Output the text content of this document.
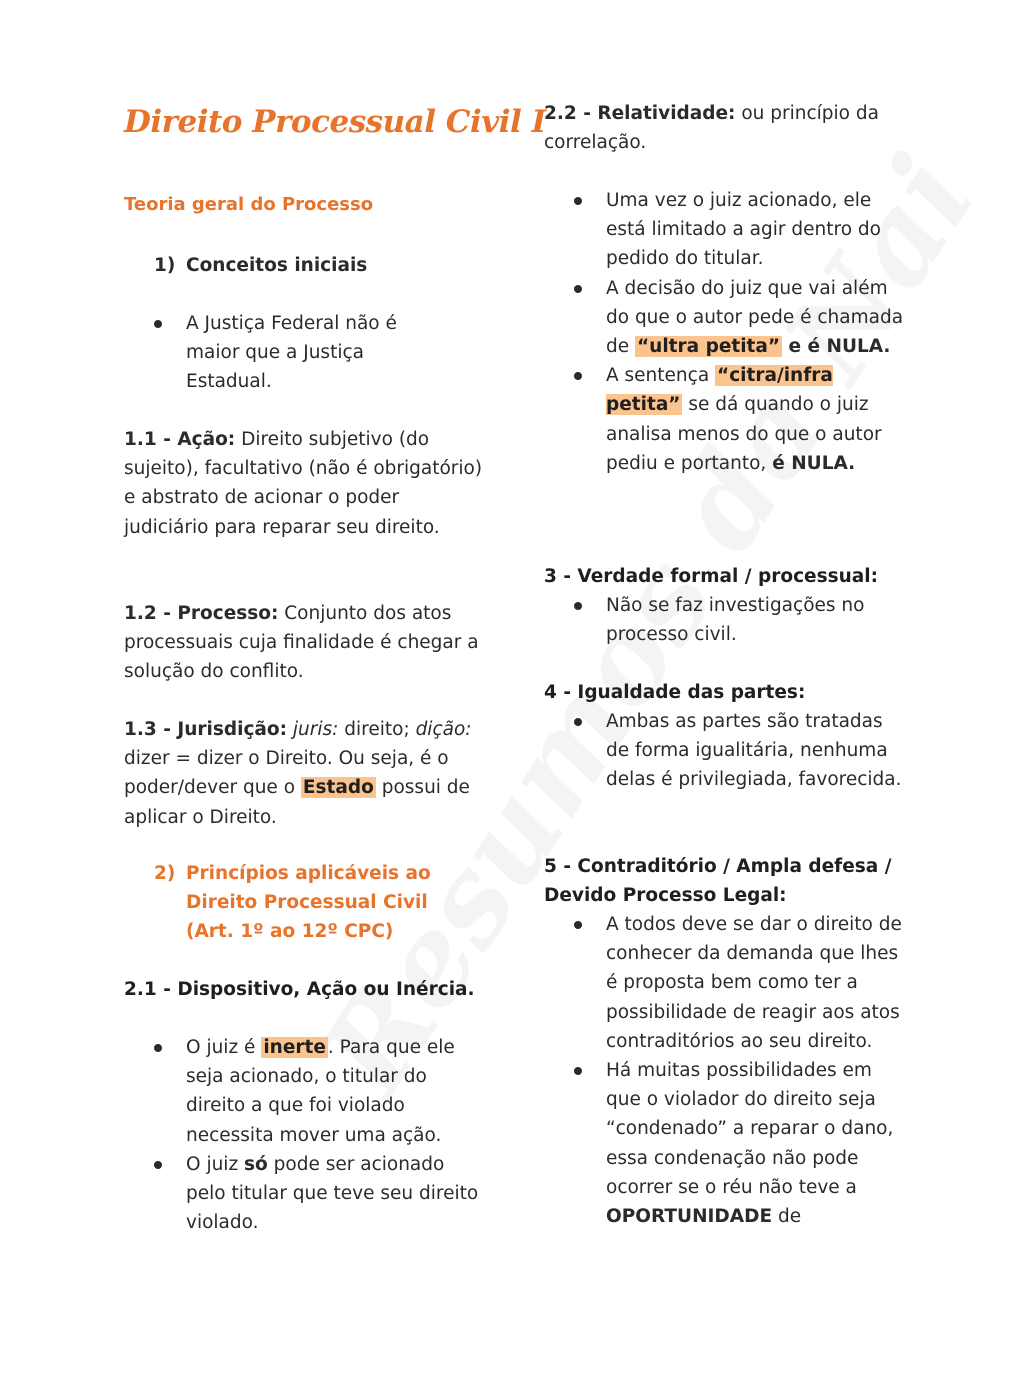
Direito Processual Civil I
Teoria geral do Processo
1) Conceitos iniciais
A Justiça Federal não é maior que a Justiça Estadual.

1.1 - Ação: Direito subjetivo (do sujeito), facultativo (não é obrigatório) e abstrato de acionar o poder judiciário para reparar seu direito.

1.2 - Processo: Conjunto dos atos processuais cuja finalidade é chegar a solução do conflito.

1.3 - Jurisdição: juris: direito; dição: dizer = dizer o Direito. Ou seja, é o poder/dever que o Estado possui de aplicar o Direito.

2) Princípios aplicáveis ao Direito Processual Civil (Art. 1º ao 12º CPC)
2.1 - Dispositivo, Ação ou Inércia.
O juiz é inerte . Para que ele seja acionado, o titular do direito a que foi violado necessita mover uma ação.
O juiz só pode ser acionado pelo titular que teve seu direito violado.

2.2 - Relatividade: ou princípio da correlação.

Uma vez o juiz acionado, ele está limitado a agir dentro do pedido do titular.
A decisão do juiz que vai além do que o autor pede é chamada de “ultra petita” e é NULA.
A sentença “citra/infra petita” se dá quando o juiz analisa menos do que o autor pediu e portanto, é NULA.
3 - Verdade formal / processual:
Não se faz investigações no processo civil.
4 - Igualdade das partes:
Ambas as partes são tratadas de forma igualitária, nenhuma delas é privilegiada, favorecida.
5 - Contraditório / Ampla defesa / Devido Processo Legal:
A todos deve se dar o direito de conhecer da demanda que lhes é proposta bem como ter a possibilidade de reagir aos atos contraditórios ao seu direito.
Há muitas possibilidades em que o violador do direito seja “condenado” a reparar o dano, essa condenação não pode ocorrer se o réu não teve a OPORTUNIDADE de
